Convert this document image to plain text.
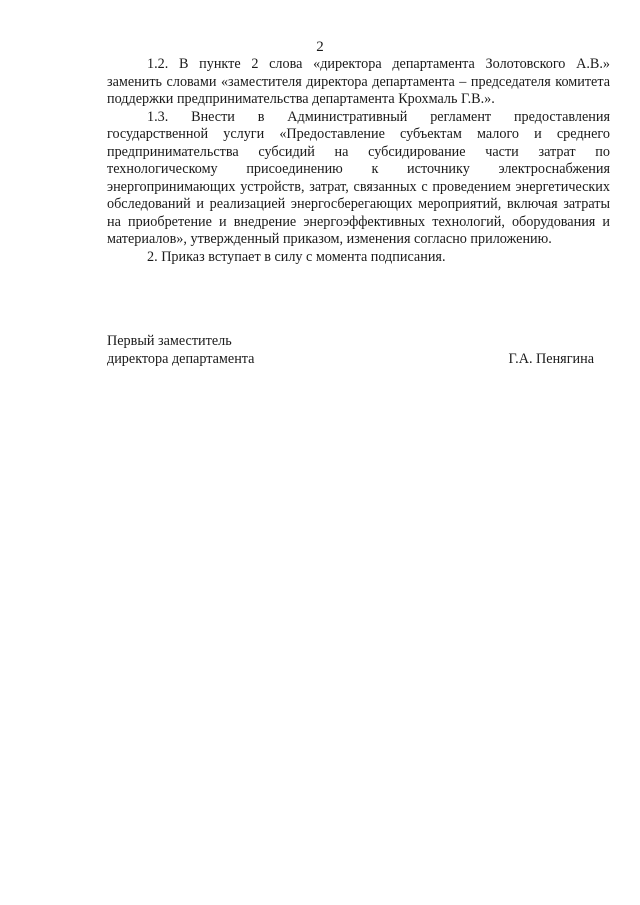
2

1.2. В пункте 2 слова «директора департамента Золотовского А.В.» заменить словами «заместителя директора департамента – председателя комитета поддержки предпринимательства департамента Крохмаль Г.В.».

1.3. Внести в Административный регламент предоставления государственной услуги «Предоставление субъектам малого и среднего предпринимательства субсидий на субсидирование части затрат по технологическому присоединению к источнику электроснабжения энергопринимающих устройств, затрат, связанных с проведением энергетических обследований и реализацией энергосберегающих мероприятий, включая затраты на приобретение и внедрение энергоэффективных технологий, оборудования и материалов», утвержденный приказом, изменения согласно приложению.

2. Приказ вступает в силу с момента подписания.

Первый заместитель
директора департамента	Г.А. Пенягина
